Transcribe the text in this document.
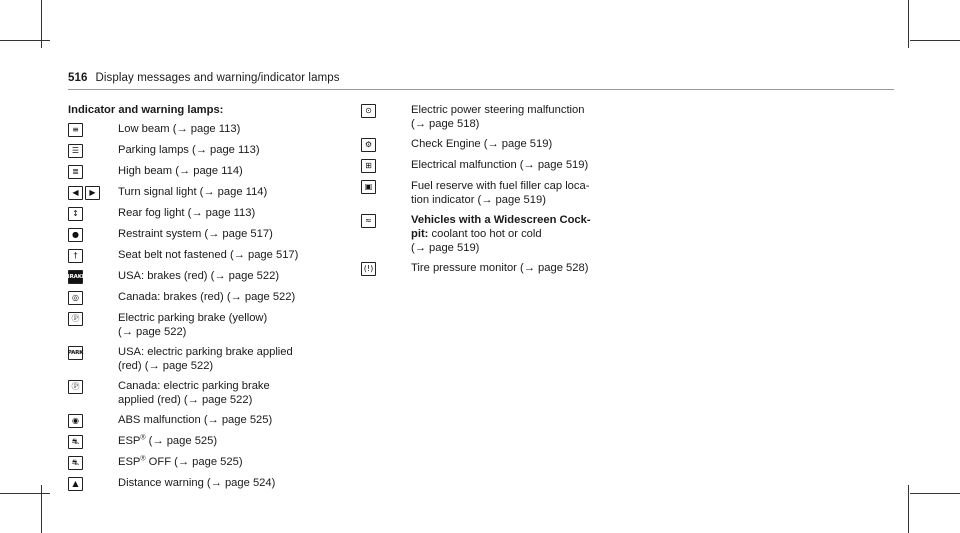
516 Display messages and warning/indicator lamps
Indicator and warning lamps:
≡	Low beam (→ page 113)
☰	Parking lamps (→ page 113)
≣	High beam (→ page 114)
◀	▶	Turn signal light (→ page 114)
↕	Rear fog light (→ page 113)
●	Restraint system (→ page 517)
†	Seat belt not fastened (→ page 517)
BRAKE	USA: brakes (red) (→ page 522)
◎	Canada: brakes (red) (→ page 522)
Ⓟ	Electric parking brake (yellow)
(→ page 522)
PARK	USA: electric parking brake applied
(red) (→ page 522)
Ⓟ	Canada: electric parking brake
applied (red) (→ page 522)
◉	ABS malfunction (→ page 525)
⛐	ESP® (→ page 525)
⛐	ESP® OFF (→ page 525)
▲	Distance warning (→ page 524)
⊙	Electric power steering malfunction
(→ page 518)
⚙	Check Engine (→ page 519)
⊞	Electrical malfunction (→ page 519)
▣	Fuel reserve with fuel filler cap loca-
tion indicator (→ page 519)
≈	Vehicles with a Widescreen Cock-
pit: coolant too hot or cold
(→ page 519)
(!)	Tire pressure monitor (→ page 528)
